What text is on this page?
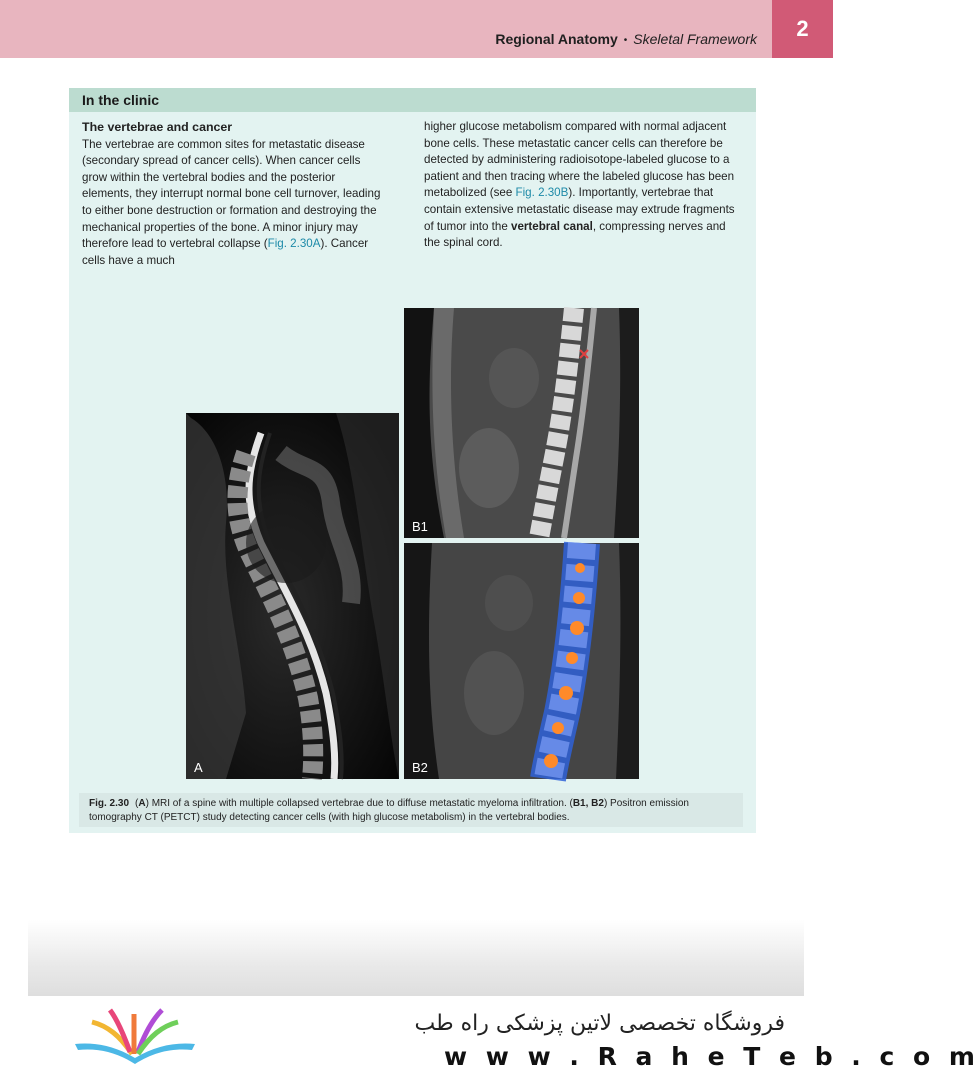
Regional Anatomy • Skeletal Framework	2
In the clinic
The vertebrae and cancer
The vertebrae are common sites for metastatic disease (secondary spread of cancer cells). When cancer cells grow within the vertebral bodies and the posterior elements, they interrupt normal bone cell turnover, leading to either bone destruction or formation and destroying the mechanical properties of the bone. A minor injury may therefore lead to vertebral collapse (Fig. 2.30A). Cancer cells have a much
higher glucose metabolism compared with normal adjacent bone cells. These metastatic cancer cells can therefore be detected by administering radioisotope-labeled glucose to a patient and then tracing where the labeled glucose has been metabolized (see Fig. 2.30B). Importantly, vertebrae that contain extensive metastatic disease may extrude fragments of tumor into the vertebral canal, compressing nerves and the spinal cord.
A
B1
B2
Fig. 2.30 (A) MRI of a spine with multiple collapsed vertebrae due to diffuse metastatic myeloma infiltration. (B1, B2) Positron emission tomography CT (PETCT) study detecting cancer cells (with high glucose metabolism) in the vertebral bodies.
فروشگاه تخصصی لاتین پزشکی راه طب
w w w . R a h e T e b . c o m
